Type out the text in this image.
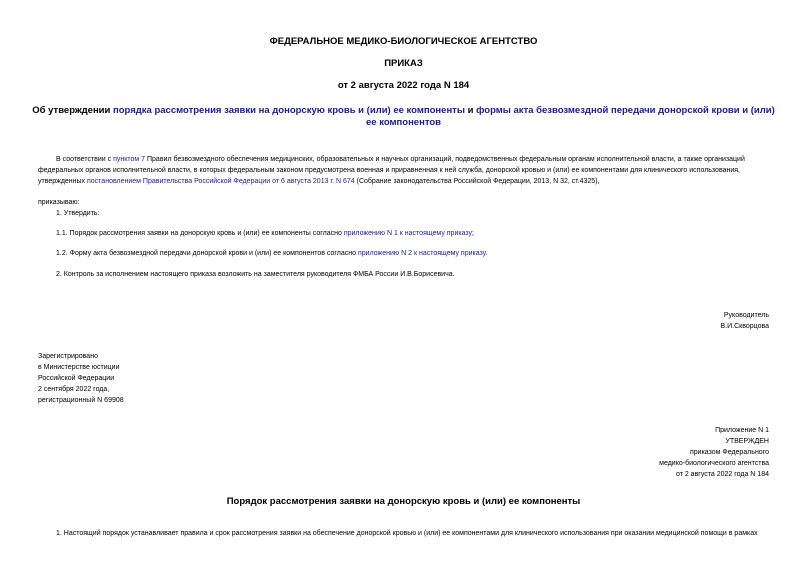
ФЕДЕРАЛЬНОЕ МЕДИКО-БИОЛОГИЧЕСКОЕ АГЕНТСТВО
ПРИКАЗ
от 2 августа 2022 года N 184
Об утверждении порядка рассмотрения заявки на донорскую кровь и (или) ее компоненты и формы акта безвозмездной передачи донорской крови и (или) ее компонентов
В соответствии с пунктом 7 Правил безвозмездного обеспечения медицинских, образовательных и научных организаций, подведомственных федеральным органам исполнительной власти, а также организаций
федеральных органов исполнительной власти, в которых федеральным законом предусмотрена военная и приравненная к ней служба, донорской кровью и (или) ее компонентами для клинического использования,
утвержденных постановлением Правительства Российской Федерации от 6 августа 2013 г. N 674 (Собрание законодательства Российской Федерации, 2013, N 32, ст.4325),
приказываю:
1. Утвердить:
1.1. Порядок рассмотрения заявки на донорскую кровь и (или) ее компоненты согласно приложению N 1 к настоящему приказу;
1.2. Форму акта безвозмездной передачи донорской крови и (или) ее компонентов согласно приложению N 2 к настоящему приказу.
2. Контроль за исполнением настоящего приказа возложить на заместителя руководителя ФМБА России И.В.Борисевича.
Руководитель
В.И.Скворцова
Зарегистрировано
в Министерстве юстиции
Российской Федерации
2 сентября 2022 года,
регистрационный N 69908
Приложение N 1
УТВЕРЖДЕН
приказом Федерального
медико-биологического агентства
от 2 августа 2022 года N 184
Порядок рассмотрения заявки на донорскую кровь и (или) ее компоненты
1. Настоящий порядок устанавливает правила и срок рассмотрения заявки на обеспечение донорской кровью и (или) ее компонентами для клинического использования при оказании медицинской помощи в рамках
